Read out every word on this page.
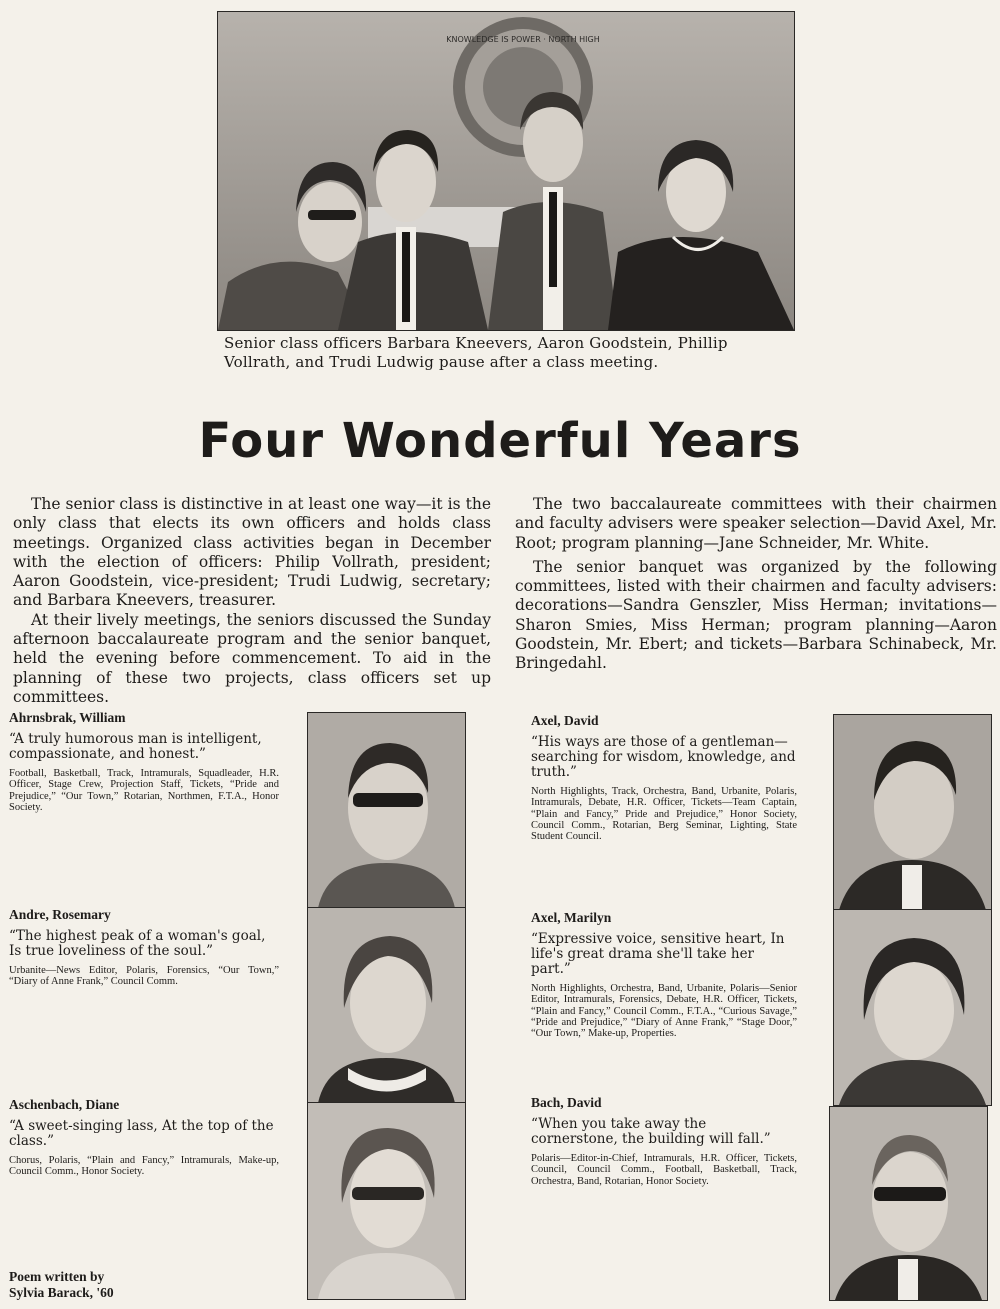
KNOWLEDGE IS POWER · NORTH HIGH

Senior class officers Barbara Kneevers, Aaron Goodstein, Phillip Vollrath, and Trudi Ludwig pause after a class meeting.

Four Wonderful Years

The senior class is distinctive in at least one way—it is the only class that elects its own officers and holds class meetings. Organized class activities began in December with the election of officers: Philip Vollrath, president; Aaron Goodstein, vice-president; Trudi Ludwig, secretary; and Barbara Kneevers, treasurer.

At their lively meetings, the seniors discussed the Sunday afternoon baccalaureate program and the senior banquet, held the evening before commencement. To aid in the planning of these two projects, class officers set up committees.

The two baccalaureate committees with their chairmen and faculty advisers were speaker selection—David Axel, Mr. Root; program planning—Jane Schneider, Mr. White.

The senior banquet was organized by the following committees, listed with their chairmen and faculty advisers: decorations—Sandra Genszler, Miss Herman; invitations—Sharon Smies, Miss Herman; program planning—Aaron Goodstein, Mr. Ebert; and tickets—Barbara Schinabeck, Mr. Bringedahl.

Ahrnsbrak, William

“A truly humorous man is intelligent, compassionate, and honest.”

Football, Basketball, Track, Intramurals, Squadleader, H.R. Officer, Stage Crew, Projection Staff, Tickets, “Pride and Prejudice,” “Our Town,” Rotarian, Northmen, F.T.A., Honor Society.

Andre, Rosemary

“The highest peak of a woman's goal, Is true loveliness of the soul.”

Urbanite—News Editor, Polaris, Forensics, “Our Town,” “Diary of Anne Frank,” Council Comm.

Aschenbach, Diane

“A sweet-singing lass, At the top of the class.”

Chorus, Polaris, “Plain and Fancy,” Intramurals, Make-up, Council Comm., Honor Society.

Axel, David

“His ways are those of a gentleman—searching for wisdom, knowledge, and truth.”

North Highlights, Track, Orchestra, Band, Urbanite, Polaris, Intramurals, Debate, H.R. Officer, Tickets—Team Captain, “Plain and Fancy,” Pride and Prejudice,” Honor Society, Council Comm., Rotarian, Berg Seminar, Lighting, State Student Council.

Axel, Marilyn

“Expressive voice, sensitive heart, In life's great drama she'll take her part.”

North Highlights, Orchestra, Band, Urbanite, Polaris—Senior Editor, Intramurals, Forensics, Debate, H.R. Officer, Tickets, “Plain and Fancy,” Council Comm., F.T.A., “Curious Savage,” “Pride and Prejudice,” “Diary of Anne Frank,” “Stage Door,” “Our Town,” Make-up, Properties.

Bach, David

“When you take away the cornerstone, the building will fall.”

Polaris—Editor-in-Chief, Intramurals, H.R. Officer, Tickets, Council, Council Comm., Football, Basketball, Track, Orchestra, Band, Rotarian, Honor Society.

Poem written by
Sylvia Barack, '60
